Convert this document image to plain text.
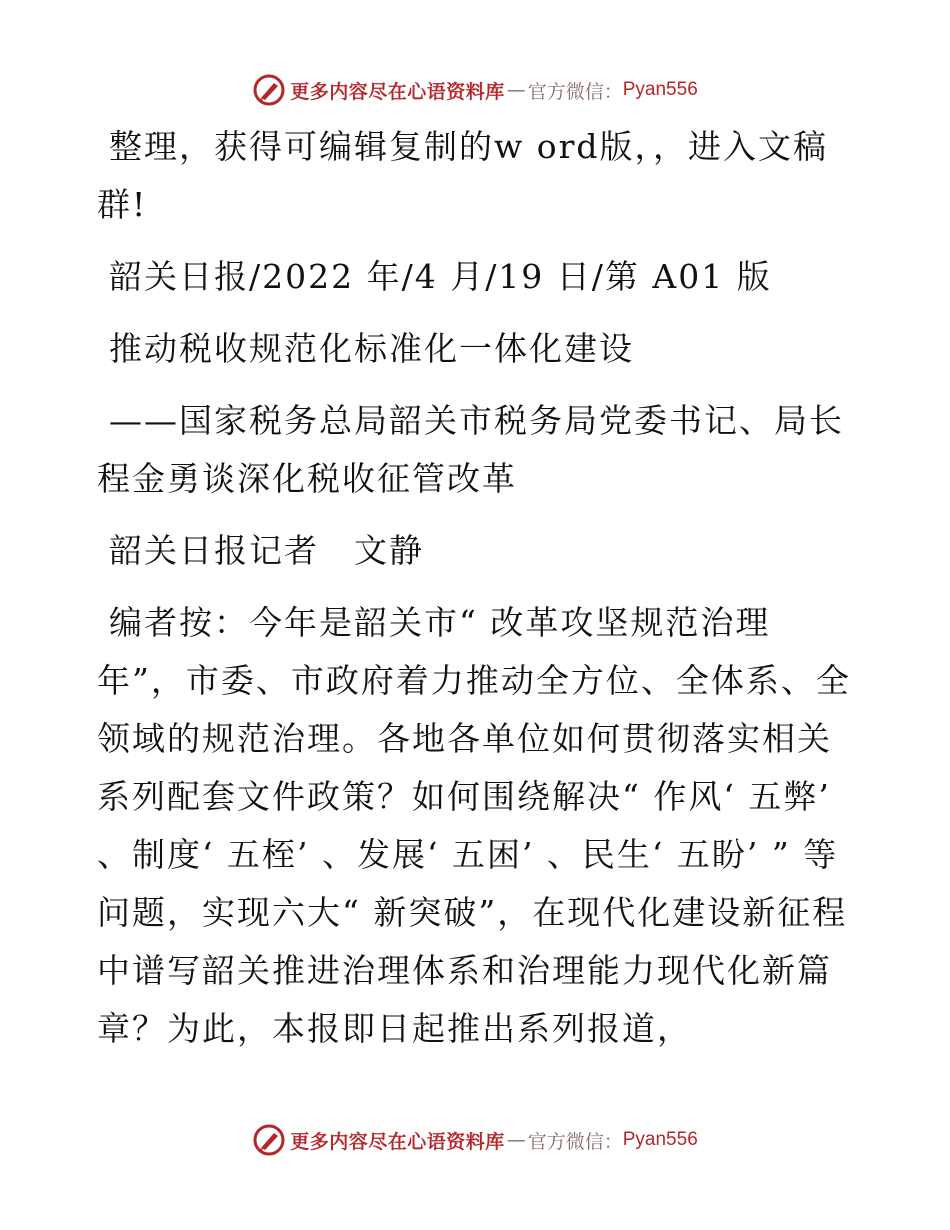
更多内容尽在心语资料库 — 官方微信： Pyan556

整理，获得可编辑复制的w ord版，，进入文稿群!

韶关日报/2022 年/4 月/19 日/第 A01 版

推动税收规范化标准化一体化建设

——国家税务总局韶关市税务局党委书记、局长程金勇谈深化税收征管改革

韶关日报记者　文静

编者按：今年是韶关市“ 改革攻坚规范治理年”，市委、市政府着力推动全方位、全体系、全领域的规范治理。各地各单位如何贯彻落实相关系列配套文件政策？如何围绕解决“ 作风‘ 五弊’ 、制度‘ 五桎’ 、发展‘ 五困’ 、民生‘ 五盼’ ” 等问题，实现六大“ 新突破”，在现代化建设新征程中谱写韶关推进治理体系和治理能力现代化新篇章？为此，本报即日起推出系列报道，

更多内容尽在心语资料库 — 官方微信： Pyan556
